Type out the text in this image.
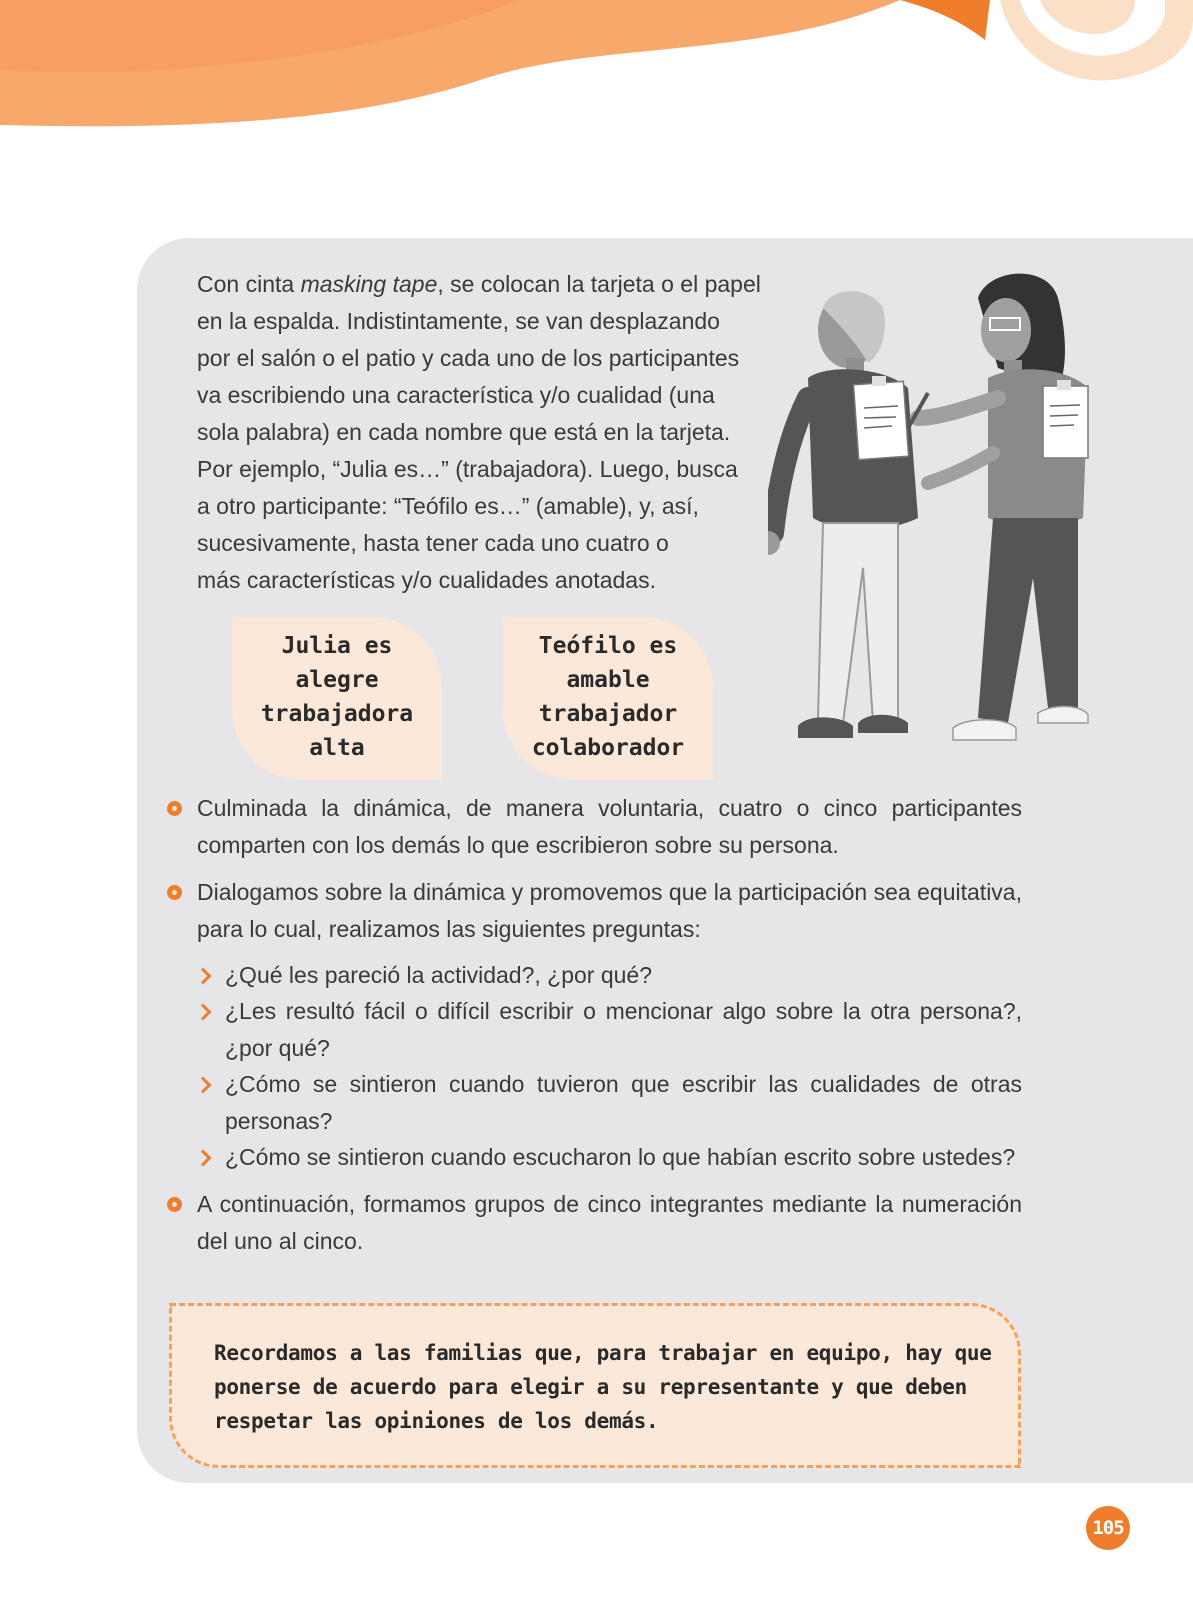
Con cinta masking tape, se colocan la tarjeta o el papel
en la espalda. Indistintamente, se van desplazando
por el salón o el patio y cada uno de los participantes
va escribiendo una característica y/o cualidad (una
sola palabra) en cada nombre que está en la tarjeta.
Por ejemplo, “Julia es…” (trabajadora). Luego, busca
a otro participante: “Teófilo es…” (amable), y, así,
sucesivamente, hasta tener cada uno cuatro o
más características y/o cualidades anotadas.
Julia es
alegre
trabajadora
alta
Teófilo es
amable
trabajador
colaborador
Culminada la dinámica, de manera voluntaria, cuatro o cinco participantes comparten con los demás lo que escribieron sobre su persona.
Dialogamos sobre la dinámica y promovemos que la participación sea equitativa, para lo cual, realizamos las siguientes preguntas:
¿Qué les pareció la actividad?, ¿por qué?
¿Les resultó fácil o difícil escribir o mencionar algo sobre la otra persona?, ¿por qué?
¿Cómo se sintieron cuando tuvieron que escribir las cualidades de otras personas?
¿Cómo se sintieron cuando escucharon lo que habían escrito sobre ustedes?
A continuación, formamos grupos de cinco integrantes mediante la numeración del uno al cinco.
Recordamos a las familias que, para trabajar en equipo, hay que ponerse de acuerdo para elegir a su representante y que deben respetar las opiniones de los demás.
105
